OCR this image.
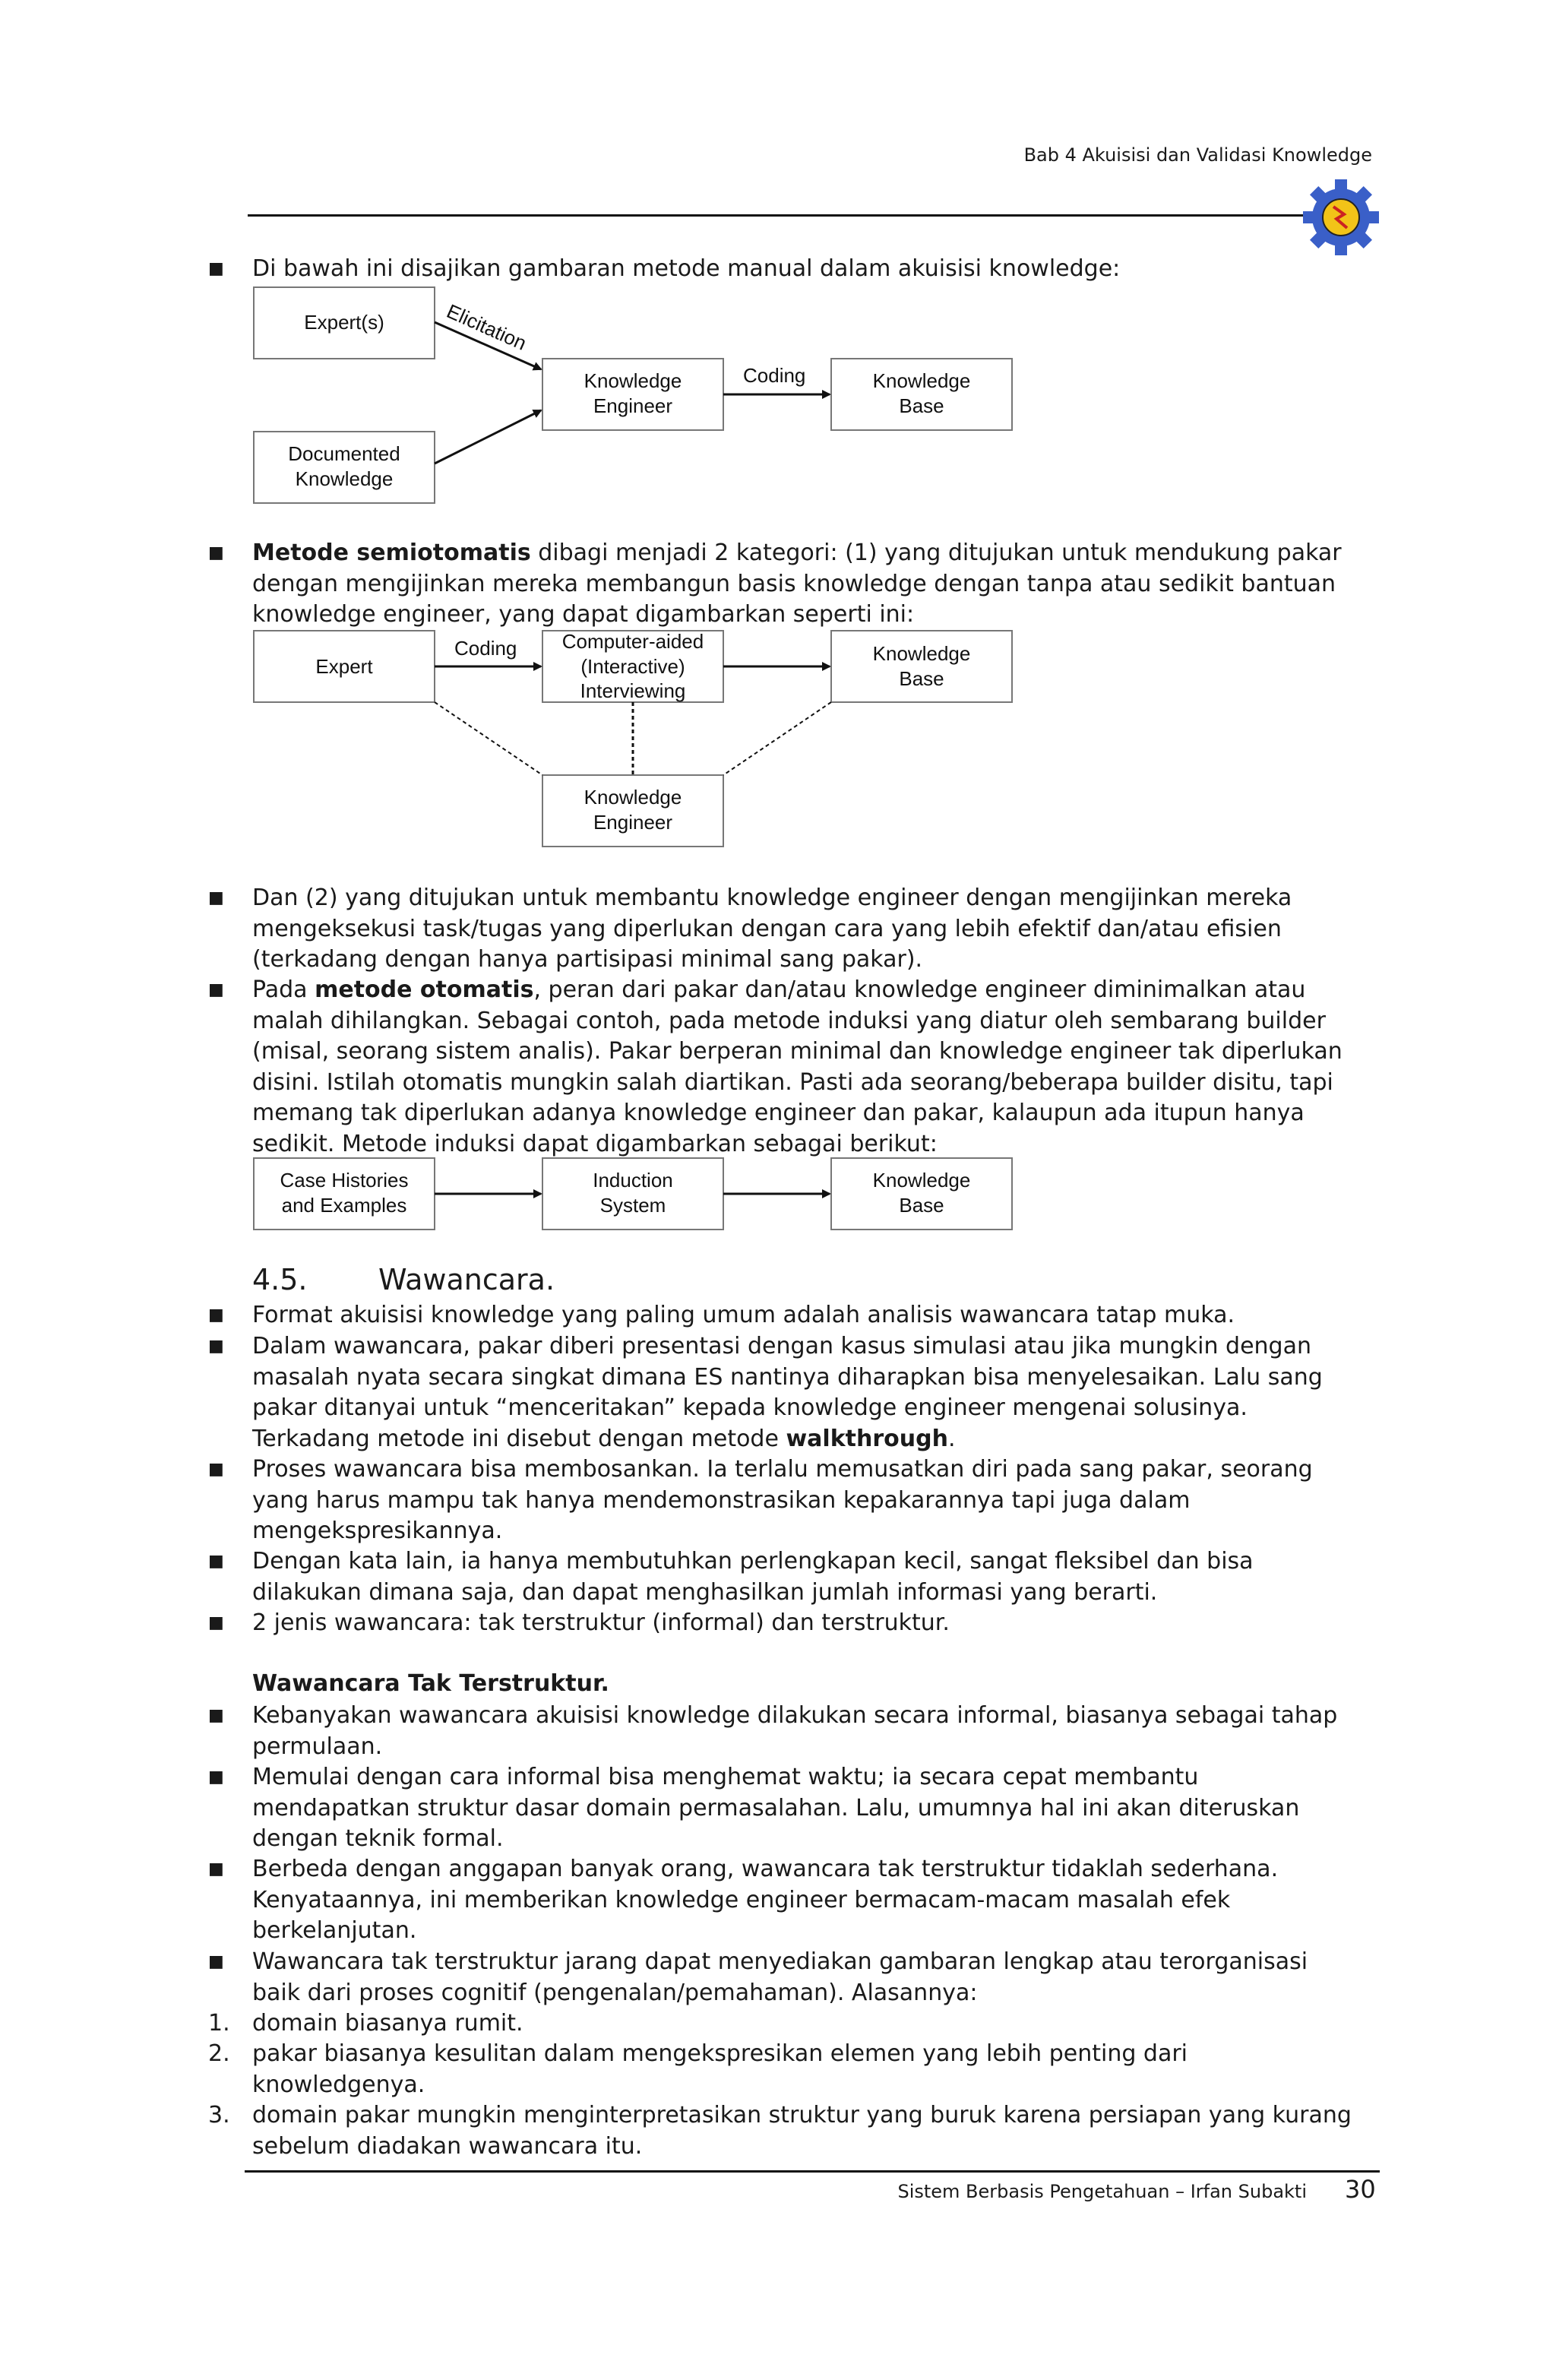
Bab 4 Akuisisi dan Validasi Knowledge
■ Di bawah ini disajikan gambaran metode manual dalam akuisisi knowledge:
Expert(s)
Documented
Knowledge
Knowledge
Engineer
Knowledge
Base
Elicitation
Coding
■ Metode semiotomatis dibagi menjadi 2 kategori: (1) yang ditujukan untuk mendukung pakar
dengan mengijinkan mereka membangun basis knowledge dengan tanpa atau sedikit bantuan
knowledge engineer, yang dapat digambarkan seperti ini:
Expert
Computer-aided
(Interactive)
Interviewing
Knowledge
Base
Knowledge
Engineer
Coding
■ Dan (2) yang ditujukan untuk membantu knowledge engineer dengan mengijinkan mereka
mengeksekusi task/tugas yang diperlukan dengan cara yang lebih efektif dan/atau efisien
(terkadang dengan hanya partisipasi minimal sang pakar).
■ Pada metode otomatis, peran dari pakar dan/atau knowledge engineer diminimalkan atau
malah dihilangkan. Sebagai contoh, pada metode induksi yang diatur oleh sembarang builder
(misal, seorang sistem analis). Pakar berperan minimal dan knowledge engineer tak diperlukan
disini. Istilah otomatis mungkin salah diartikan. Pasti ada seorang/beberapa builder disitu, tapi
memang tak diperlukan adanya knowledge engineer dan pakar, kalaupun ada itupun hanya
sedikit. Metode induksi dapat digambarkan sebagai berikut:
Case Histories
and Examples
Induction
System
Knowledge
Base
4.5. Wawancara.
■ Format akuisisi knowledge yang paling umum adalah analisis wawancara tatap muka.
■ Dalam wawancara, pakar diberi presentasi dengan kasus simulasi atau jika mungkin dengan
masalah nyata secara singkat dimana ES nantinya diharapkan bisa menyelesaikan. Lalu sang
pakar ditanyai untuk “menceritakan” kepada knowledge engineer mengenai solusinya.
Terkadang metode ini disebut dengan metode walkthrough.
■ Proses wawancara bisa membosankan. Ia terlalu memusatkan diri pada sang pakar, seorang
yang harus mampu tak hanya mendemonstrasikan kepakarannya tapi juga dalam
mengekspresikannya.
■ Dengan kata lain, ia hanya membutuhkan perlengkapan kecil, sangat fleksibel dan bisa
dilakukan dimana saja, dan dapat menghasilkan jumlah informasi yang berarti.
■ 2 jenis wawancara: tak terstruktur (informal) dan terstruktur.
Wawancara Tak Terstruktur.
■ Kebanyakan wawancara akuisisi knowledge dilakukan secara informal, biasanya sebagai tahap
permulaan.
■ Memulai dengan cara informal bisa menghemat waktu; ia secara cepat membantu
mendapatkan struktur dasar domain permasalahan. Lalu, umumnya hal ini akan diteruskan
dengan teknik formal.
■ Berbeda dengan anggapan banyak orang, wawancara tak terstruktur tidaklah sederhana.
Kenyataannya, ini memberikan knowledge engineer bermacam-macam masalah efek
berkelanjutan.
■ Wawancara tak terstruktur jarang dapat menyediakan gambaran lengkap atau terorganisasi
baik dari proses cognitif (pengenalan/pemahaman). Alasannya:
1. domain biasanya rumit.
2. pakar biasanya kesulitan dalam mengekspresikan elemen yang lebih penting dari
knowledgenya.
3. domain pakar mungkin menginterpretasikan struktur yang buruk karena persiapan yang kurang
sebelum diadakan wawancara itu.
Sistem Berbasis Pengetahuan – Irfan Subakti 30
